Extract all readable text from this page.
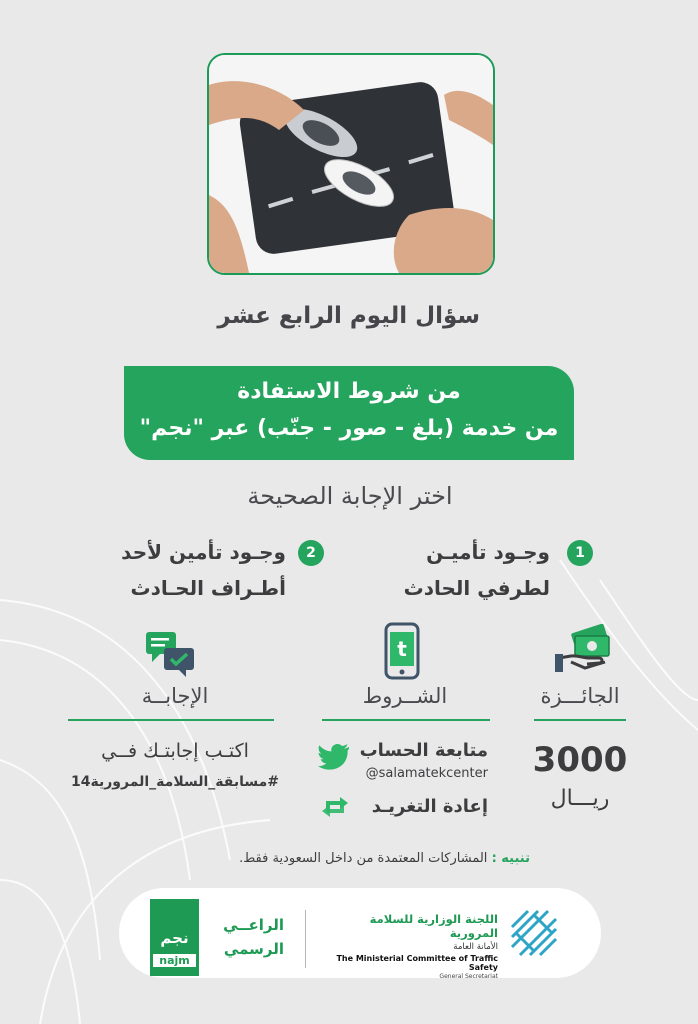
سؤال اليوم الرابع عشر
من شروط الاستفادة
من خدمة (بلغ - صور - جنّب) عبر "نجم"
اختر الإجابة الصحيحة
1
وجـود تأميـن
لطرفي الحادث
2
وجـود تأمين لأحد
أطـراف الحـادث
الجائـــزة
3000
ريـــال
t
الشــروط
متابعة الحساب
@salamatekcenter
إعادة التغريـد
الإجابــة
اكتـب إجابتـك فــي
#مسابقة_السلامة_المرورية14
تنبيه : المشاركات المعتمدة من داخل السعودية فقط.
نجم
najm
الراعــي
الرسمي
اللجنة الوزارية للسلامة المرورية
الأمانة العامة
The Ministerial Committee of Traffic Safety
General Secretariat
